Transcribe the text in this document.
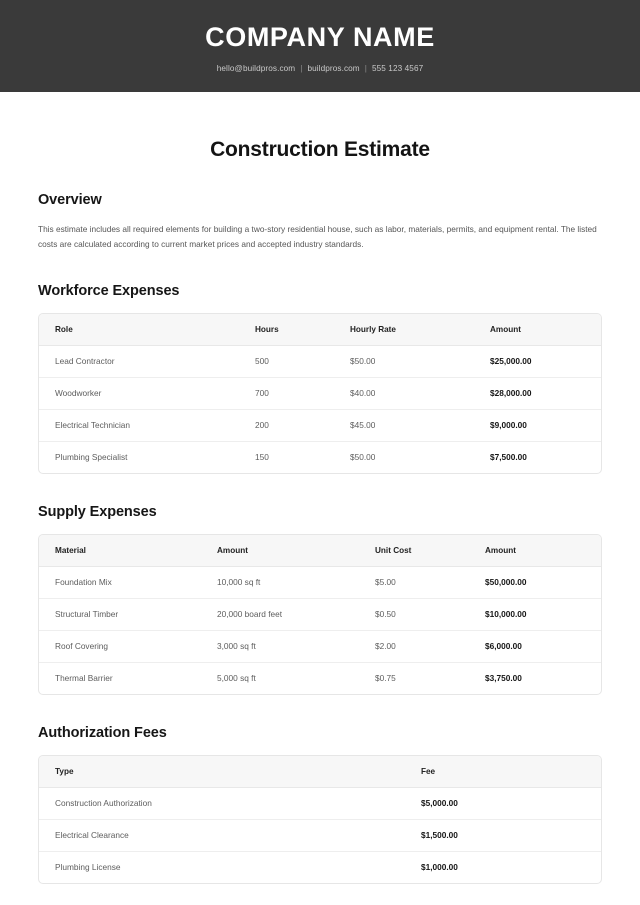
COMPANY NAME
hello@buildpros.com | buildpros.com | 555 123 4567
Construction Estimate
Overview

This estimate includes all required elements for building a two-story residential house, such as labor, materials, permits, and equipment rental. The listed costs are calculated according to current market prices and accepted industry standards.

Workforce Expenses
Role	Hours	Hourly Rate	Amount
Lead Contractor	500	$50.00	$25,000.00
Woodworker	700	$40.00	$28,000.00
Electrical Technician	200	$45.00	$9,000.00
Plumbing Specialist	150	$50.00	$7,500.00
Supply Expenses
Material	Amount	Unit Cost	Amount
Foundation Mix	10,000 sq ft	$5.00	$50,000.00
Structural Timber	20,000 board feet	$0.50	$10,000.00
Roof Covering	3,000 sq ft	$2.00	$6,000.00
Thermal Barrier	5,000 sq ft	$0.75	$3,750.00
Authorization Fees
Type	Fee
Construction Authorization	$5,000.00
Electrical Clearance	$1,500.00
Plumbing License	$1,000.00
